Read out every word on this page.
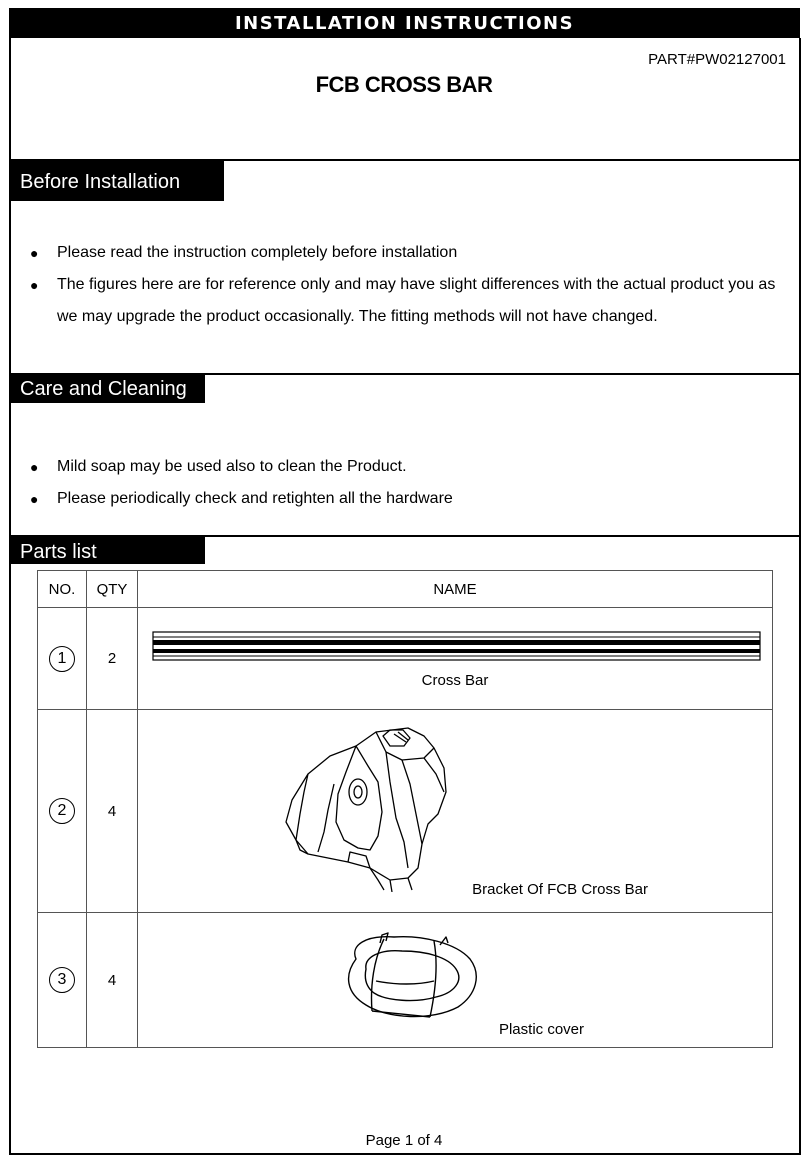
INSTALLATION INSTRUCTIONS
PART#PW02127001
FCB CROSS BAR
Before Installation
● Please read the instruction completely before installation
● The figures here are for reference only and may have slight differences with the actual product you as we may upgrade the product occasionally. The fitting methods will not have changed.
Care and Cleaning
● Mild soap may be used also to clean the Product.
● Please periodically check and retighten all the hardware
Parts list
NO.	QTY	NAME
1	2	Cross Bar

2	4	Bracket Of FCB Cross Bar

3	4	Plastic cover
Page 1 of 4
